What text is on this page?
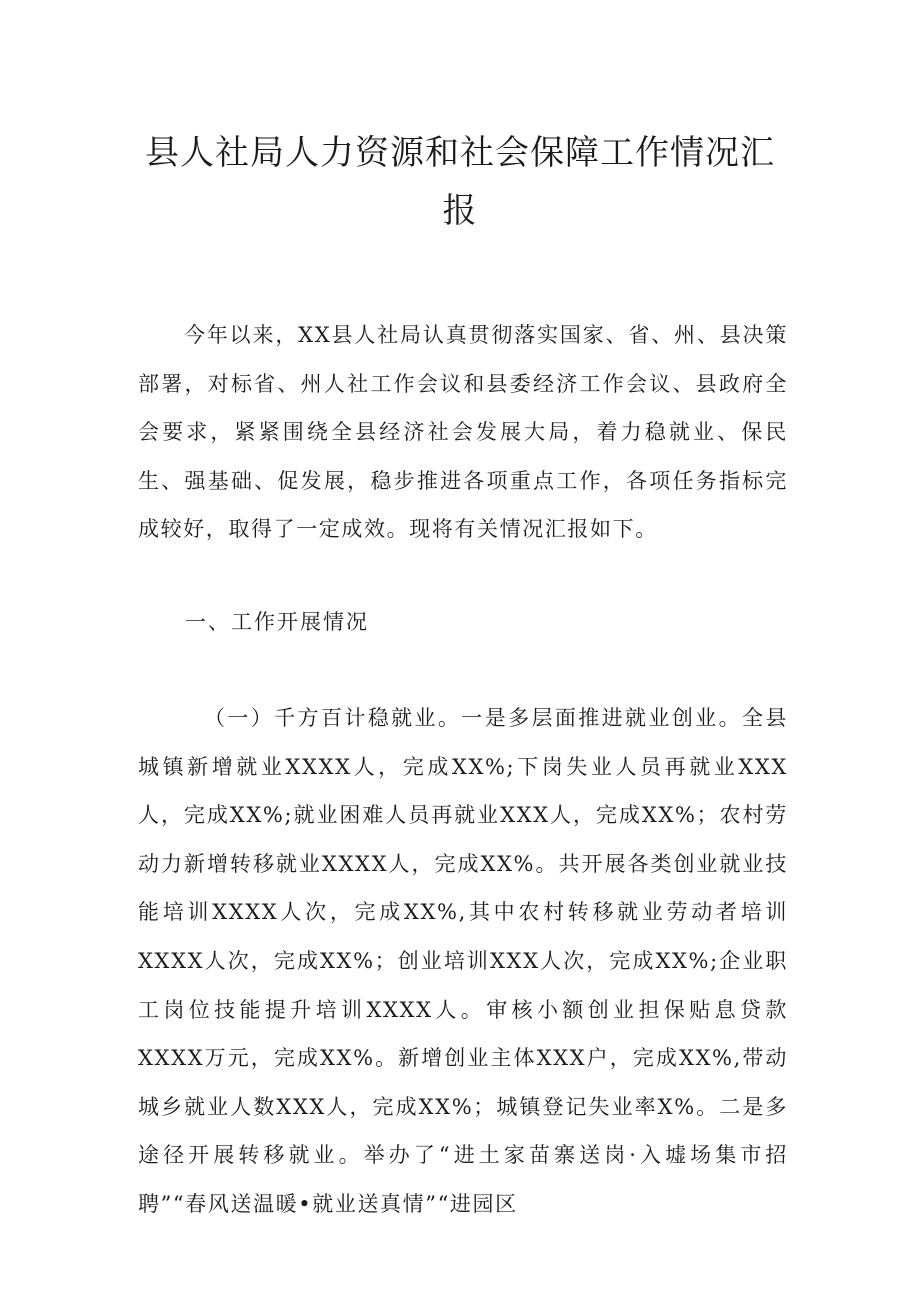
县人社局人力资源和社会保障工作情况汇
报

今年以来，XX县人社局认真贯彻落实国家、省、州、县决策部署，对标省、州人社工作会议和县委经济工作会议、县政府全会要求，紧紧围绕全县经济社会发展大局，着力稳就业、保民生、强基础、促发展，稳步推进各项重点工作，各项任务指标完成较好，取得了一定成效。现将有关情况汇报如下。

一、工作开展情况

（一）千方百计稳就业。一是多层面推进就业创业。全县城镇新增就业XXXX人，完成XX%;下岗失业人员再就业XXX人，完成XX%;就业困难人员再就业XXX人，完成XX%；农村劳动力新增转移就业XXXX人，完成XX%。共开展各类创业就业技能培训XXXX人次，完成XX%,其中农村转移就业劳动者培训XXXX人次，完成XX%；创业培训XXX人次，完成XX%;企业职工岗位技能提升培训XXXX人。审核小额创业担保贴息贷款XXXX万元，完成XX%。新增创业主体XXX户，完成XX%,带动城乡就业人数XXX人，完成XX%；城镇登记失业率X%。二是多途径开展转移就业。举办了“进土家苗寨送岗·入墟场集市招聘”“春风送温暖•就业送真情”“进园区
